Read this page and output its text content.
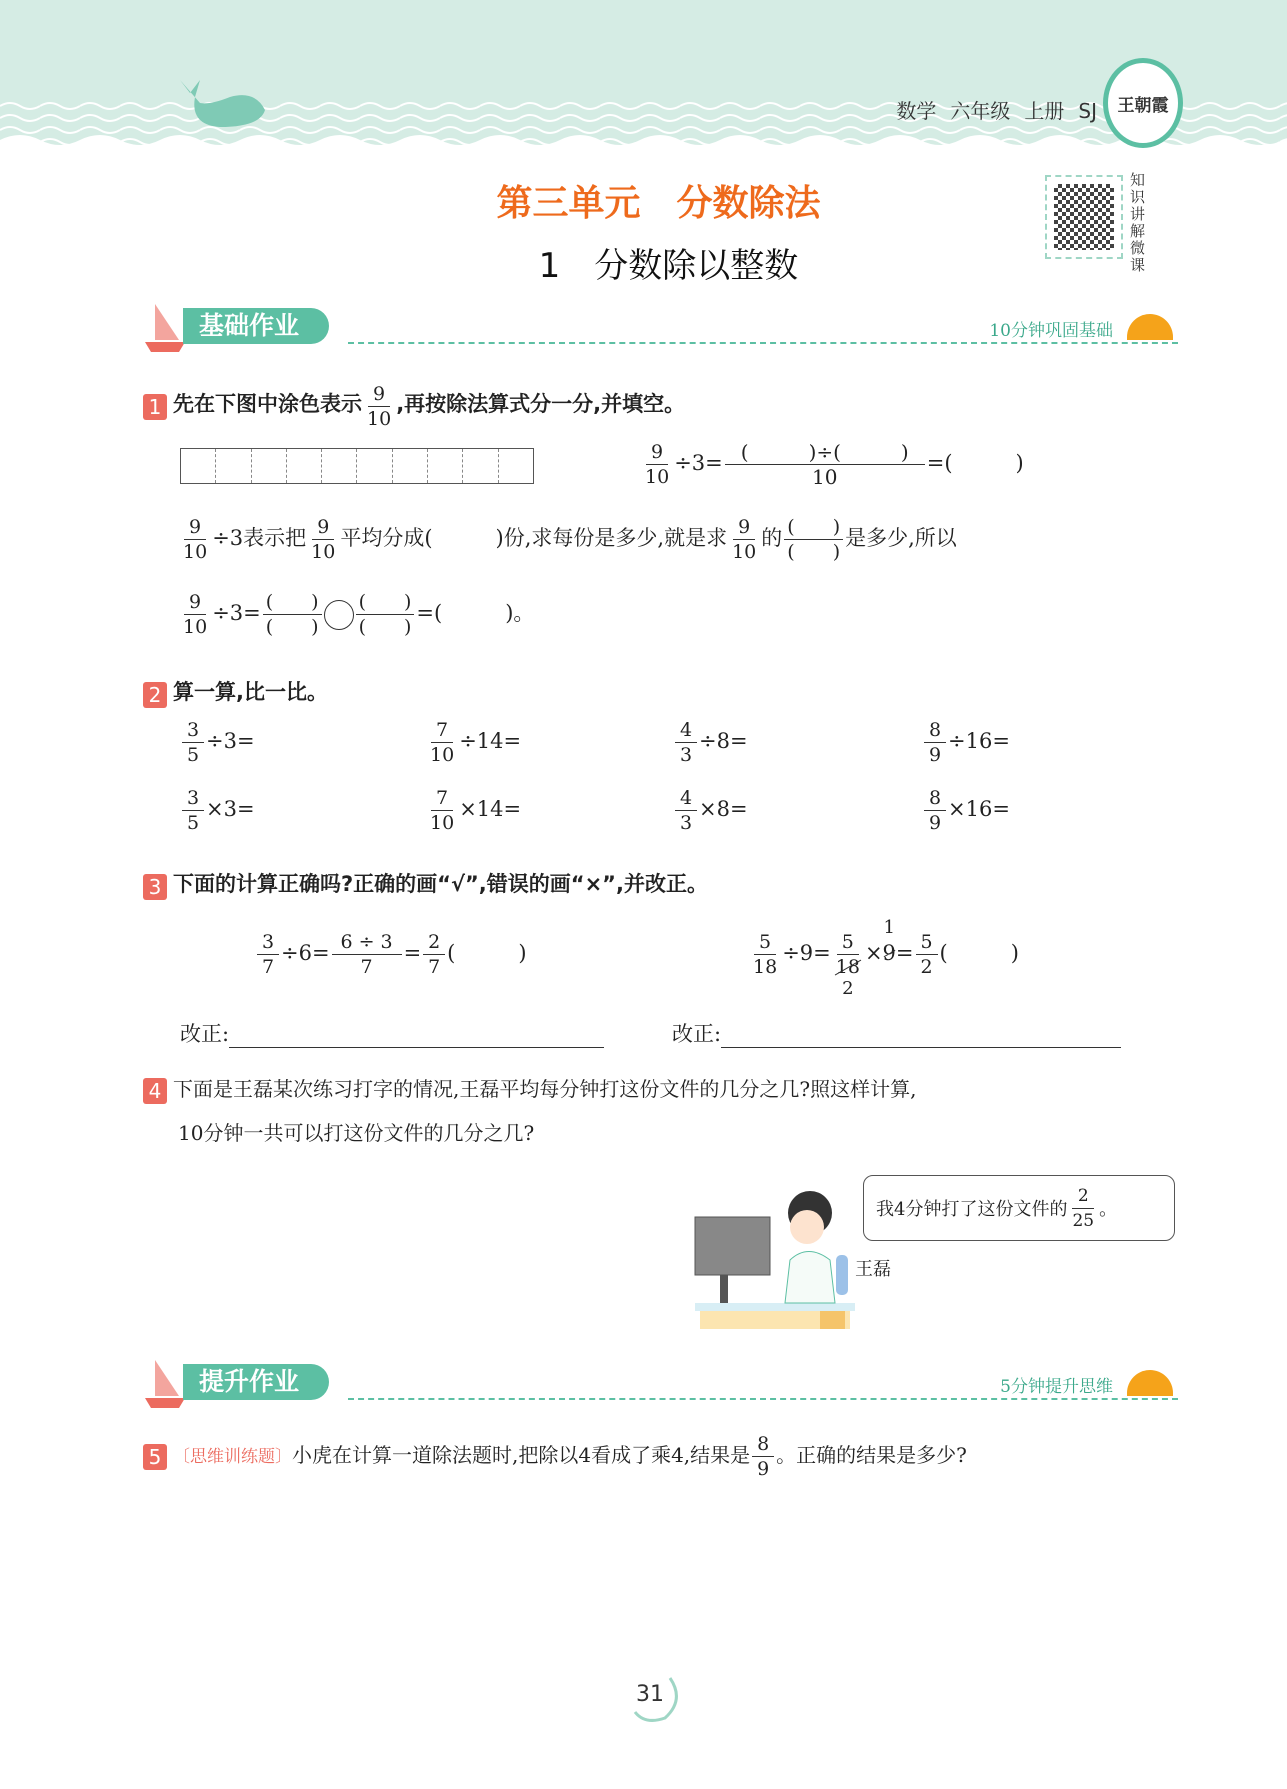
数学 六年级 上册 SJ	王朝霞
第三单元　分数除法
1　分数除以整数
知识讲解微课
基础作业	10分钟巩固基础
1 先在下图中涂色表示 $\frac{9}{10}$ ,再按除法算式分一分,并填空。
$\frac{9}{10} \div 3= \frac{( )\div( )}{10}$ =(　　　)
$\frac{9}{10} \div 3$表示把 $\frac{9}{10}$ 平均分成(　　　)份,求每份是多少,就是求 $\frac{9}{10}$ 的 $\frac{( )}{( )}$ 是多少,所以
$\frac{9}{10} \div 3= \frac{( )}{( )} \frac{( )}{( )}$ =(　　　)。
2 算一算,比一比。
$\frac{3}{5} \div 3=$	$\frac{7}{10} \div 14=$	$\frac{4}{3} \div 8=$	$\frac{8}{9} \div 16=$
$\frac{3}{5} \times 3=$	$\frac{7}{10} \times 14=$	$\frac{4}{3} \times 8=$	$\frac{8}{9} \times 16=$
3 下面的计算正确吗?正确的画“√”,错误的画“×”,并改正。
$\frac{3}{7} \div 6= \frac{6 \div 3}{7} = \frac{2}{7}$ (　　　)	$\frac{5}{18} \div 9= 5$
18
2 ×9
1
= $\frac{5}{2}$ (　　　)
改正:	改正:
4 下面是王磊某次练习打字的情况,王磊平均每分钟打这份文件的几分之几?照这样计算,
10分钟一共可以打这份文件的几分之几?
我4分钟打了这份文件的 $\frac{2}{25}$ 。
王磊
提升作业	5分钟提升思维
5 〔思维训练题〕小虎在计算一道除法题时,把除以4看成了乘4,结果是 $\frac{8}{9}$ 。正确的结果是多少?
31
